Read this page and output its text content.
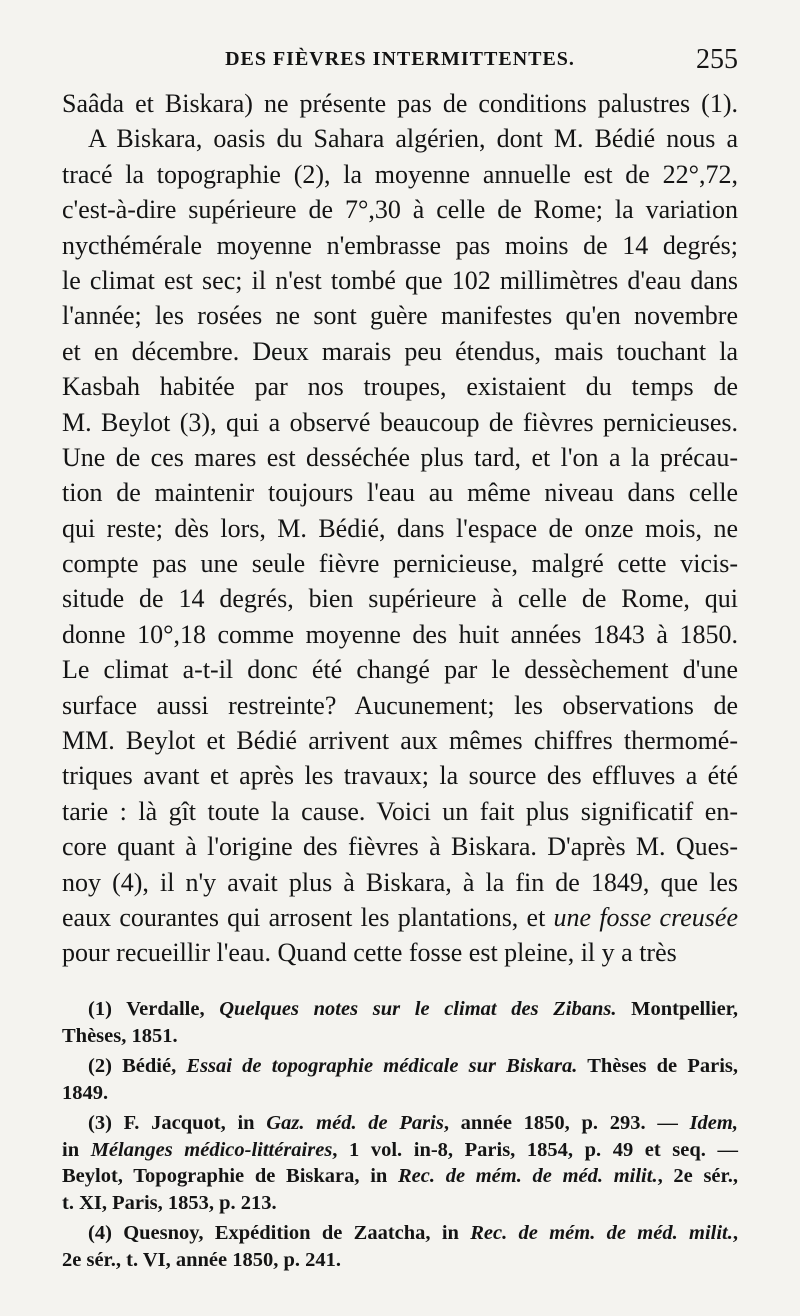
DES FIÈVRES INTERMITTENTES.	255
Saâda et Biskara) ne présente pas de conditions palustres (1).
A Biskara, oasis du Sahara algérien, dont M. Bédié nous a
tracé la topographie (2), la moyenne annuelle est de 22°,72,
c'est-à-dire supérieure de 7°,30 à celle de Rome; la variation
nycthémérale moyenne n'embrasse pas moins de 14 degrés;
le climat est sec; il n'est tombé que 102 millimètres d'eau dans
l'année; les rosées ne sont guère manifestes qu'en novembre
et en décembre. Deux marais peu étendus, mais touchant la
Kasbah habitée par nos troupes, existaient du temps de
M. Beylot (3), qui a observé beaucoup de fièvres pernicieuses.
Une de ces mares est desséchée plus tard, et l'on a la précau-
tion de maintenir toujours l'eau au même niveau dans celle
qui reste; dès lors, M. Bédié, dans l'espace de onze mois, ne
compte pas une seule fièvre pernicieuse, malgré cette vicis-
situde de 14 degrés, bien supérieure à celle de Rome, qui
donne 10°,18 comme moyenne des huit années 1843 à 1850.
Le climat a-t-il donc été changé par le dessèchement d'une
surface aussi restreinte? Aucunement; les observations de
MM. Beylot et Bédié arrivent aux mêmes chiffres thermomé-
triques avant et après les travaux; la source des effluves a été
tarie : là gît toute la cause. Voici un fait plus significatif en-
core quant à l'origine des fièvres à Biskara. D'après M. Ques-
noy (4), il n'y avait plus à Biskara, à la fin de 1849, que les
eaux courantes qui arrosent les plantations, et une fosse creusée
pour recueillir l'eau. Quand cette fosse est pleine, il y a très
(1) Verdalle, Quelques notes sur le climat des Zibans. Montpellier,
Thèses, 1851.
(2) Bédié, Essai de topographie médicale sur Biskara. Thèses de Paris,
1849.
(3) F. Jacquot, in Gaz. méd. de Paris, année 1850, p. 293. — Idem,
in Mélanges médico-littéraires, 1 vol. in-8, Paris, 1854, p. 49 et seq. —
Beylot, Topographie de Biskara, in Rec. de mém. de méd. milit., 2e sér.,
t. XI, Paris, 1853, p. 213.
(4) Quesnoy, Expédition de Zaatcha, in Rec. de mém. de méd. milit.,
2e sér., t. VI, année 1850, p. 241.
